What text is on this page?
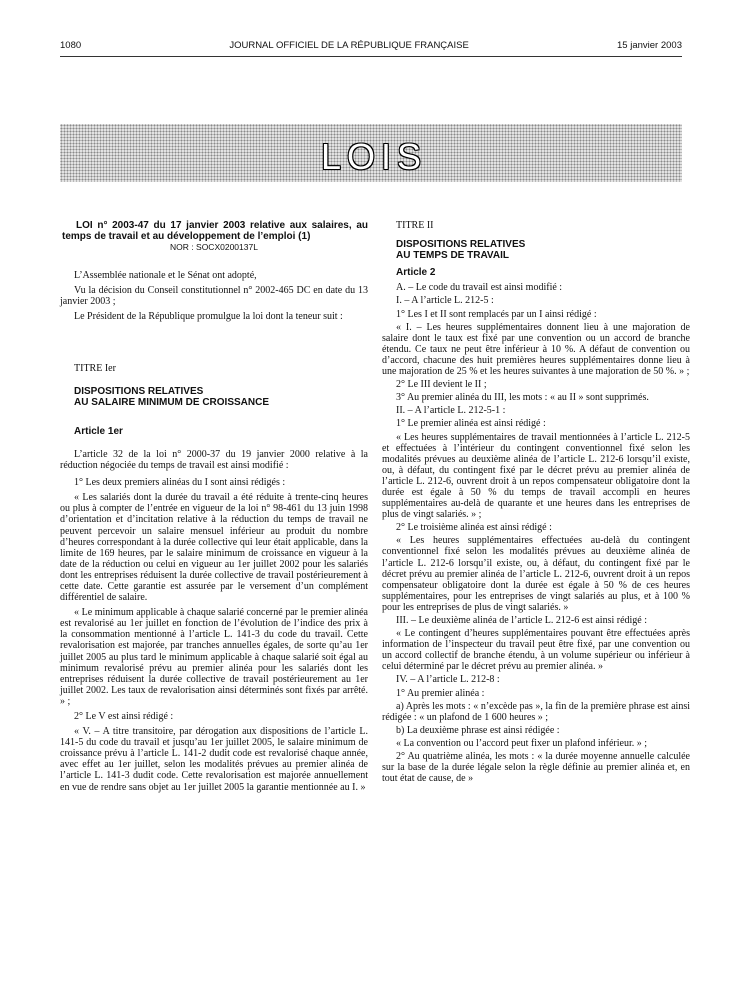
1080	JOURNAL OFFICIEL DE LA RÉPUBLIQUE FRANÇAISE	15 janvier 2003
LOIS

LOI n° 2003-47 du 17 janvier 2003 relative aux salaires, au temps de travail et au développement de l’emploi (1)

NOR : SOCX0200137L

L’Assemblée nationale et le Sénat ont adopté,

Vu la décision du Conseil constitutionnel n° 2002-465 DC en date du 13 janvier 2003 ;

Le Président de la République promulgue la loi dont la teneur suit :

TITRE Ier

DISPOSITIONS RELATIVES

AU SALAIRE MINIMUM DE CROISSANCE

Article 1er

L’article 32 de la loi n° 2000-37 du 19 janvier 2000 relative à la réduction négociée du temps de travail est ainsi modifié :

1° Les deux premiers alinéas du I sont ainsi rédigés :

« Les salariés dont la durée du travail a été réduite à trente-cinq heures ou plus à compter de l’entrée en vigueur de la loi n° 98-461 du 13 juin 1998 d’orientation et d’incitation relative à la réduction du temps de travail ne peuvent percevoir un salaire mensuel inférieur au produit du nombre d’heures correspondant à la durée collective qui leur était applicable, dans la limite de 169 heures, par le salaire minimum de croissance en vigueur à la date de la réduction ou celui en vigueur au 1er juillet 2002 pour les salariés dont les entreprises réduisent la durée collective de travail postérieurement à cette date. Cette garantie est assurée par le versement d’un complément différentiel de salaire.

« Le minimum applicable à chaque salarié concerné par le premier alinéa est revalorisé au 1er juillet en fonction de l’évolution de l’indice des prix à la consommation mentionné à l’article L. 141-3 du code du travail. Cette revalorisation est majorée, par tranches annuelles égales, de sorte qu’au 1er juillet 2005 au plus tard le minimum applicable à chaque salarié soit égal au minimum revalorisé prévu au premier alinéa pour les salariés dont les entreprises réduisent la durée collective de travail postérieurement au 1er juillet 2002. Les taux de revalorisation ainsi déterminés sont fixés par arrêté. » ;

2° Le V est ainsi rédigé :

« V. – A titre transitoire, par dérogation aux dispositions de l’article L. 141-5 du code du travail et jusqu’au 1er juillet 2005, le salaire minimum de croissance prévu à l’article L. 141-2 dudit code est revalorisé chaque année, avec effet au 1er juillet, selon les modalités prévues au premier alinéa de l’article L. 141-3 dudit code. Cette revalorisation est majorée annuellement en vue de rendre sans objet au 1er juillet 2005 la garantie mentionnée au I. »

TITRE II

DISPOSITIONS RELATIVES

AU TEMPS DE TRAVAIL

Article 2

A. – Le code du travail est ainsi modifié :

I. – A l’article L. 212-5 :

1° Les I et II sont remplacés par un I ainsi rédigé :

« I. – Les heures supplémentaires donnent lieu à une majoration de salaire dont le taux est fixé par une convention ou un accord de branche étendu. Ce taux ne peut être inférieur à 10 %. A défaut de convention ou d’accord, chacune des huit premières heures supplémentaires donne lieu à une majoration de 25 % et les heures suivantes à une majoration de 50 %. » ;

2° Le III devient le II ;

3° Au premier alinéa du III, les mots : « au II » sont supprimés.

II. – A l’article L. 212-5-1 :

1° Le premier alinéa est ainsi rédigé :

« Les heures supplémentaires de travail mentionnées à l’article L. 212-5 et effectuées à l’intérieur du contingent conventionnel fixé selon les modalités prévues au deuxième alinéa de l’article L. 212-6 lorsqu’il existe, ou, à défaut, du contingent fixé par le décret prévu au premier alinéa de l’article L. 212-6, ouvrent droit à un repos compensateur obligatoire dont la durée est égale à 50 % du temps de travail accompli en heures supplémentaires au-delà de quarante et une heures dans les entreprises de plus de vingt salariés. » ;

2° Le troisième alinéa est ainsi rédigé :

« Les heures supplémentaires effectuées au-delà du contingent conventionnel fixé selon les modalités prévues au deuxième alinéa de l’article L. 212-6 lorsqu’il existe, ou, à défaut, du contingent fixé par le décret prévu au premier alinéa de l’article L. 212-6, ouvrent droit à un repos compensateur obligatoire dont la durée est égale à 50 % de ces heures supplémentaires, pour les entreprises de vingt salariés au plus, et à 100 % pour les entreprises de plus de vingt salariés. »

III. – Le deuxième alinéa de l’article L. 212-6 est ainsi rédigé :

« Le contingent d’heures supplémentaires pouvant être effectuées après information de l’inspecteur du travail peut être fixé, par une convention ou un accord collectif de branche étendu, à un volume supérieur ou inférieur à celui déterminé par le décret prévu au premier alinéa. »

IV. – A l’article L. 212-8 :

1° Au premier alinéa :

a) Après les mots : « n’excède pas », la fin de la première phrase est ainsi rédigée : « un plafond de 1 600 heures » ;

b) La deuxième phrase est ainsi rédigée :

« La convention ou l’accord peut fixer un plafond inférieur. » ;

2° Au quatrième alinéa, les mots : « la durée moyenne annuelle calculée sur la base de la durée légale selon la règle définie au premier alinéa et, en tout état de cause, de »
